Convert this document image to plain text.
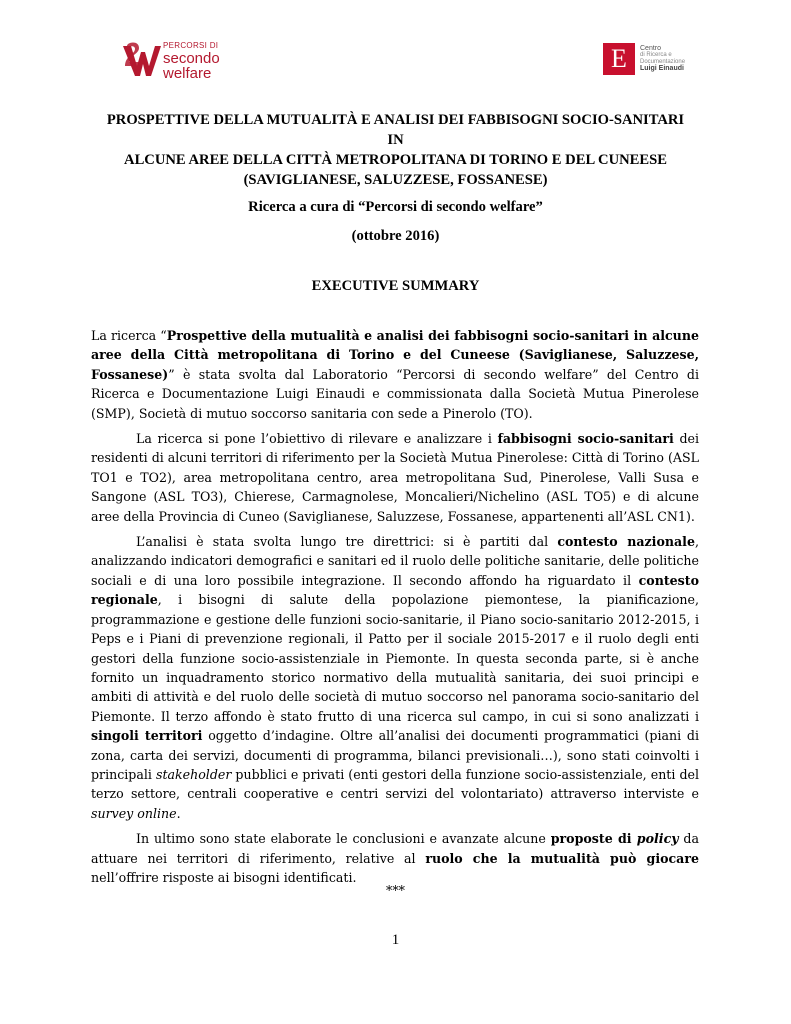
PERCORSI DI
secondo
welfare
E	Centro
di Ricerca e
Documentazione
Luigi Einaudi
PROSPETTIVE DELLA MUTUALITÀ E ANALISI DEI FABBISOGNI SOCIO-SANITARI IN
ALCUNE AREE DELLA CITTÀ METROPOLITANA DI TORINO E DEL CUNEESE
(SAVIGLIANESE, SALUZZESE, FOSSANESE)
Ricerca a cura di “Percorsi di secondo welfare”
(ottobre 2016)
EXECUTIVE SUMMARY

La ricerca “Prospettive della mutualità e analisi dei fabbisogni socio-sanitari in alcune aree della Città metropolitana di Torino e del Cuneese (Saviglianese, Saluzzese, Fossanese)” è stata svolta dal Laboratorio “Percorsi di secondo welfare” del Centro di Ricerca e Documentazione Luigi Einaudi e commissionata dalla Società Mutua Pinerolese (SMP), Società di mutuo soccorso sanitaria con sede a Pinerolo (TO).

La ricerca si pone l’obiettivo di rilevare e analizzare i fabbisogni socio-sanitari dei residenti di alcuni territori di riferimento per la Società Mutua Pinerolese: Città di Torino (ASL TO1 e TO2), area metropolitana centro, area metropolitana Sud, Pinerolese, Valli Susa e Sangone (ASL TO3), Chierese, Carmagnolese, Moncalieri/Nichelino (ASL TO5) e di alcune aree della Provincia di Cuneo (Saviglianese, Saluzzese, Fossanese, appartenenti all’ASL CN1).

L’analisi è stata svolta lungo tre direttrici: si è partiti dal contesto nazionale, analizzando indicatori demografici e sanitari ed il ruolo delle politiche sanitarie, delle politiche sociali e di una loro possibile integrazione. Il secondo affondo ha riguardato il contesto regionale, i bisogni di salute della popolazione piemontese, la pianificazione, programmazione e gestione delle funzioni socio-sanitarie, il Piano socio-sanitario 2012-2015, i Peps e i Piani di prevenzione regionali, il Patto per il sociale 2015-2017 e il ruolo degli enti gestori della funzione socio-assistenziale in Piemonte. In questa seconda parte, si è anche fornito un inquadramento storico normativo della mutualità sanitaria, dei suoi principi e ambiti di attività e del ruolo delle società di mutuo soccorso nel panorama socio-sanitario del Piemonte. Il terzo affondo è stato frutto di una ricerca sul campo, in cui si sono analizzati i singoli territori oggetto d’indagine. Oltre all’analisi dei documenti programmatici (piani di zona, carta dei servizi, documenti di programma, bilanci previsionali…), sono stati coinvolti i principali stakeholder pubblici e privati (enti gestori della funzione socio-assistenziale, enti del terzo settore, centrali cooperative e centri servizi del volontariato) attraverso interviste e survey online.

In ultimo sono state elaborate le conclusioni e avanzate alcune proposte di policy da attuare nei territori di riferimento, relative al ruolo che la mutualità può giocare nell’offrire risposte ai bisogni identificati.

***
1
